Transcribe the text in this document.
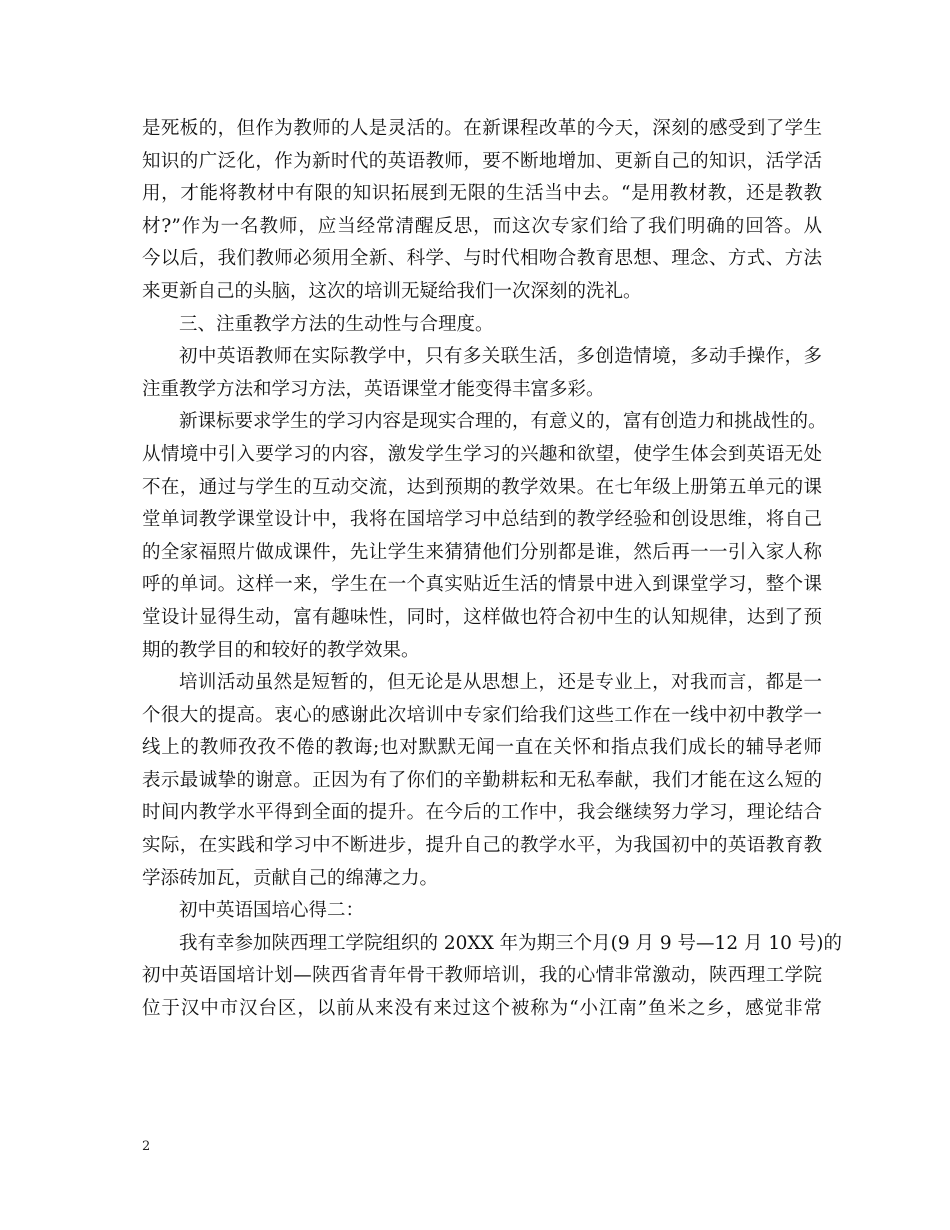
是死板的，但作为教师的人是灵活的。在新课程改革的今天，深刻的感受到了学生
知识的广泛化，作为新时代的英语教师，要不断地增加、更新自己的知识，活学活
用，才能将教材中有限的知识拓展到无限的生活当中去。“是用教材教，还是教教
材?”作为一名教师，应当经常清醒反思，而这次专家们给了我们明确的回答。从
今以后，我们教师必须用全新、科学、与时代相吻合教育思想、理念、方式、方法
来更新自己的头脑，这次的培训无疑给我们一次深刻的洗礼。
三、注重教学方法的生动性与合理度。
初中英语教师在实际教学中，只有多关联生活，多创造情境，多动手操作，多
注重教学方法和学习方法，英语课堂才能变得丰富多彩。
新课标要求学生的学习内容是现实合理的，有意义的，富有创造力和挑战性的。
从情境中引入要学习的内容，激发学生学习的兴趣和欲望，使学生体会到英语无处
不在，通过与学生的互动交流，达到预期的教学效果。在七年级上册第五单元的课
堂单词教学课堂设计中，我将在国培学习中总结到的教学经验和创设思维，将自己
的全家福照片做成课件，先让学生来猜猜他们分别都是谁，然后再一一引入家人称
呼的单词。这样一来，学生在一个真实贴近生活的情景中进入到课堂学习，整个课
堂设计显得生动，富有趣味性，同时，这样做也符合初中生的认知规律，达到了预
期的教学目的和较好的教学效果。
培训活动虽然是短暂的，但无论是从思想上，还是专业上，对我而言，都是一
个很大的提高。衷心的感谢此次培训中专家们给我们这些工作在一线中初中教学一
线上的教师孜孜不倦的教诲;也对默默无闻一直在关怀和指点我们成长的辅导老师
表示最诚挚的谢意。正因为有了你们的辛勤耕耘和无私奉献，我们才能在这么短的
时间内教学水平得到全面的提升。在今后的工作中，我会继续努力学习，理论结合
实际，在实践和学习中不断进步，提升自己的教学水平，为我国初中的英语教育教
学添砖加瓦，贡献自己的绵薄之力。
初中英语国培心得二：
我有幸参加陕西理工学院组织的 20XX 年为期三个月(9 月 9 号—12 月 10 号)的
初中英语国培计划—陕西省青年骨干教师培训，我的心情非常激动，陕西理工学院
位于汉中市汉台区，以前从来没有来过这个被称为“小江南”鱼米之乡，感觉非常
2
